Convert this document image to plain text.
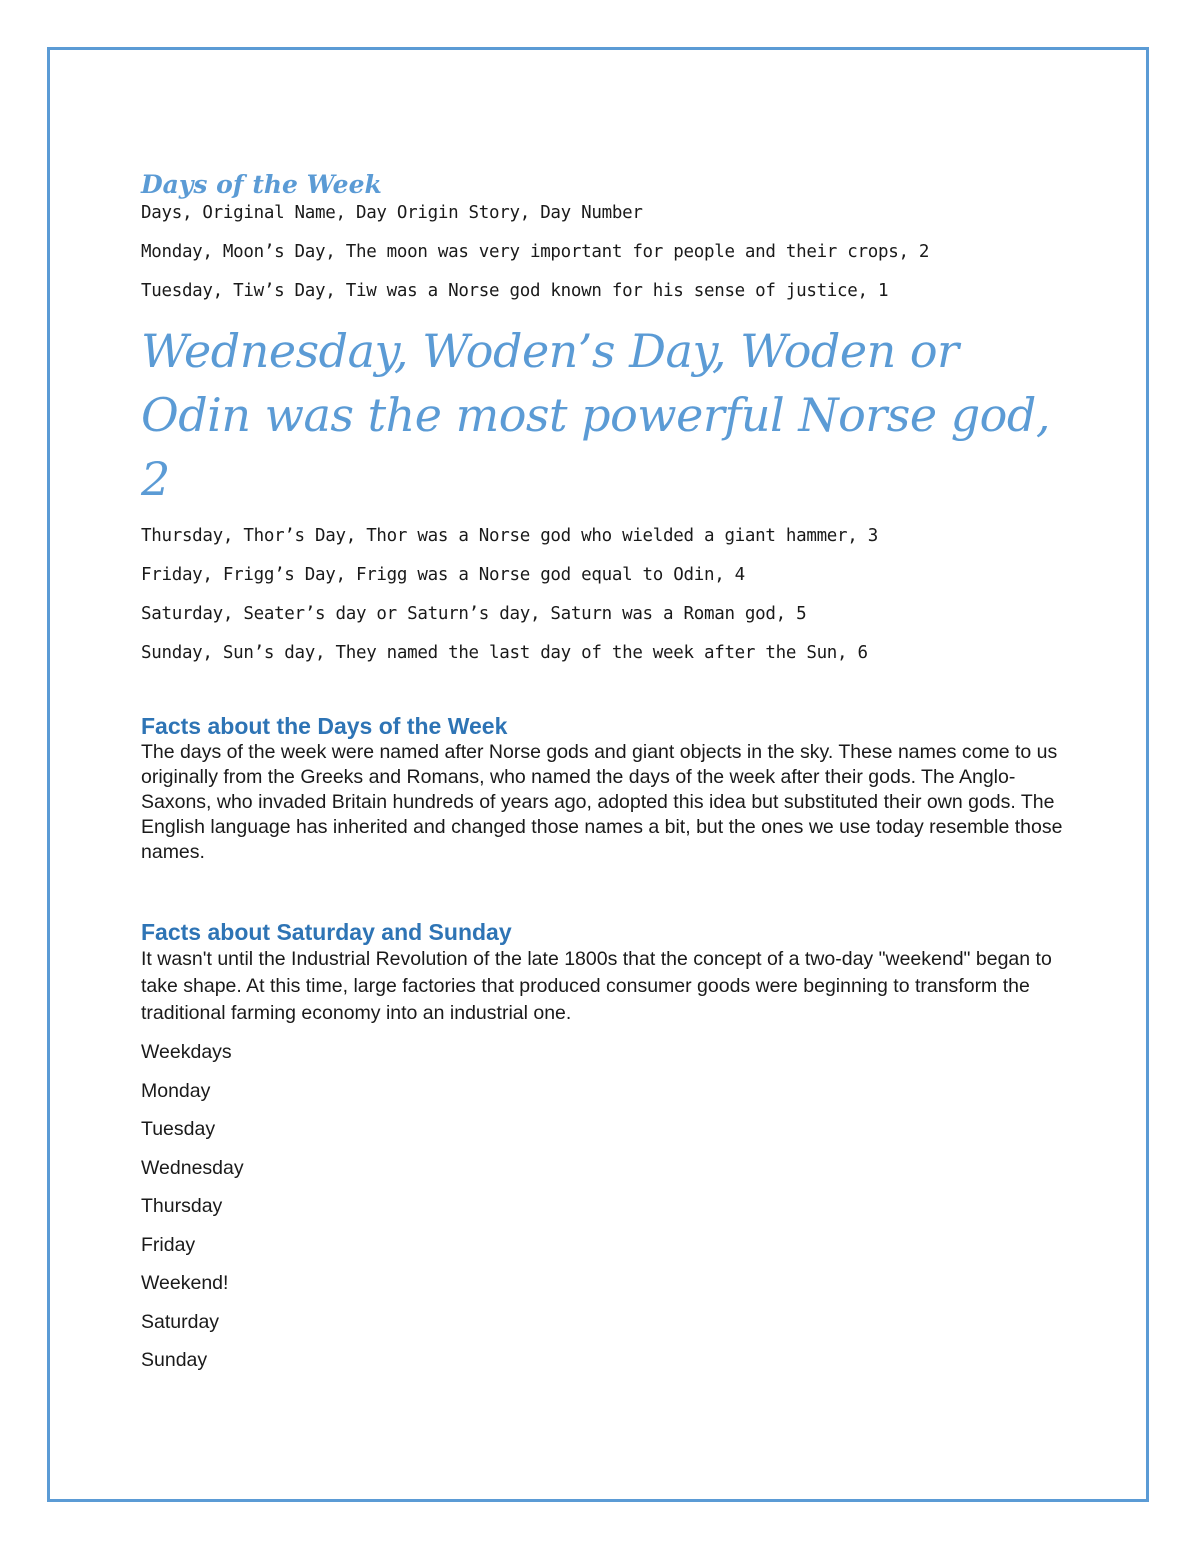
Days of the Week

Days, Original Name, Day Origin Story, Day Number

Monday, Moon’s Day, The moon was very important for people and their crops, 2

Tuesday, Tiw’s Day, Tiw was a Norse god known for his sense of justice, 1

Wednesday, Woden’s Day, Woden or Odin was the most powerful Norse god, 2

Thursday, Thor’s Day, Thor was a Norse god who wielded a giant hammer, 3

Friday, Frigg’s Day, Frigg was a Norse god equal to Odin, 4

Saturday, Seater’s day or Saturn’s day, Saturn was a Roman god, 5

Sunday, Sun’s day, They named the last day of the week after the Sun, 6

Facts about the Days of the Week

The days of the week were named after Norse gods and giant objects in the sky. These names come to us originally from the Greeks and Romans, who named the days of the week after their gods. The Anglo-Saxons, who invaded Britain hundreds of years ago, adopted this idea but substituted their own gods. The English language has inherited and changed those names a bit, but the ones we use today resemble those names.

Facts about Saturday and Sunday

It wasn't until the Industrial Revolution of the late 1800s that the concept of a two-day "weekend" began to take shape. At this time, large factories that produced consumer goods were beginning to transform the traditional farming economy into an industrial one.

Weekdays

Monday

Tuesday

Wednesday

Thursday

Friday

Weekend!

Saturday

Sunday
